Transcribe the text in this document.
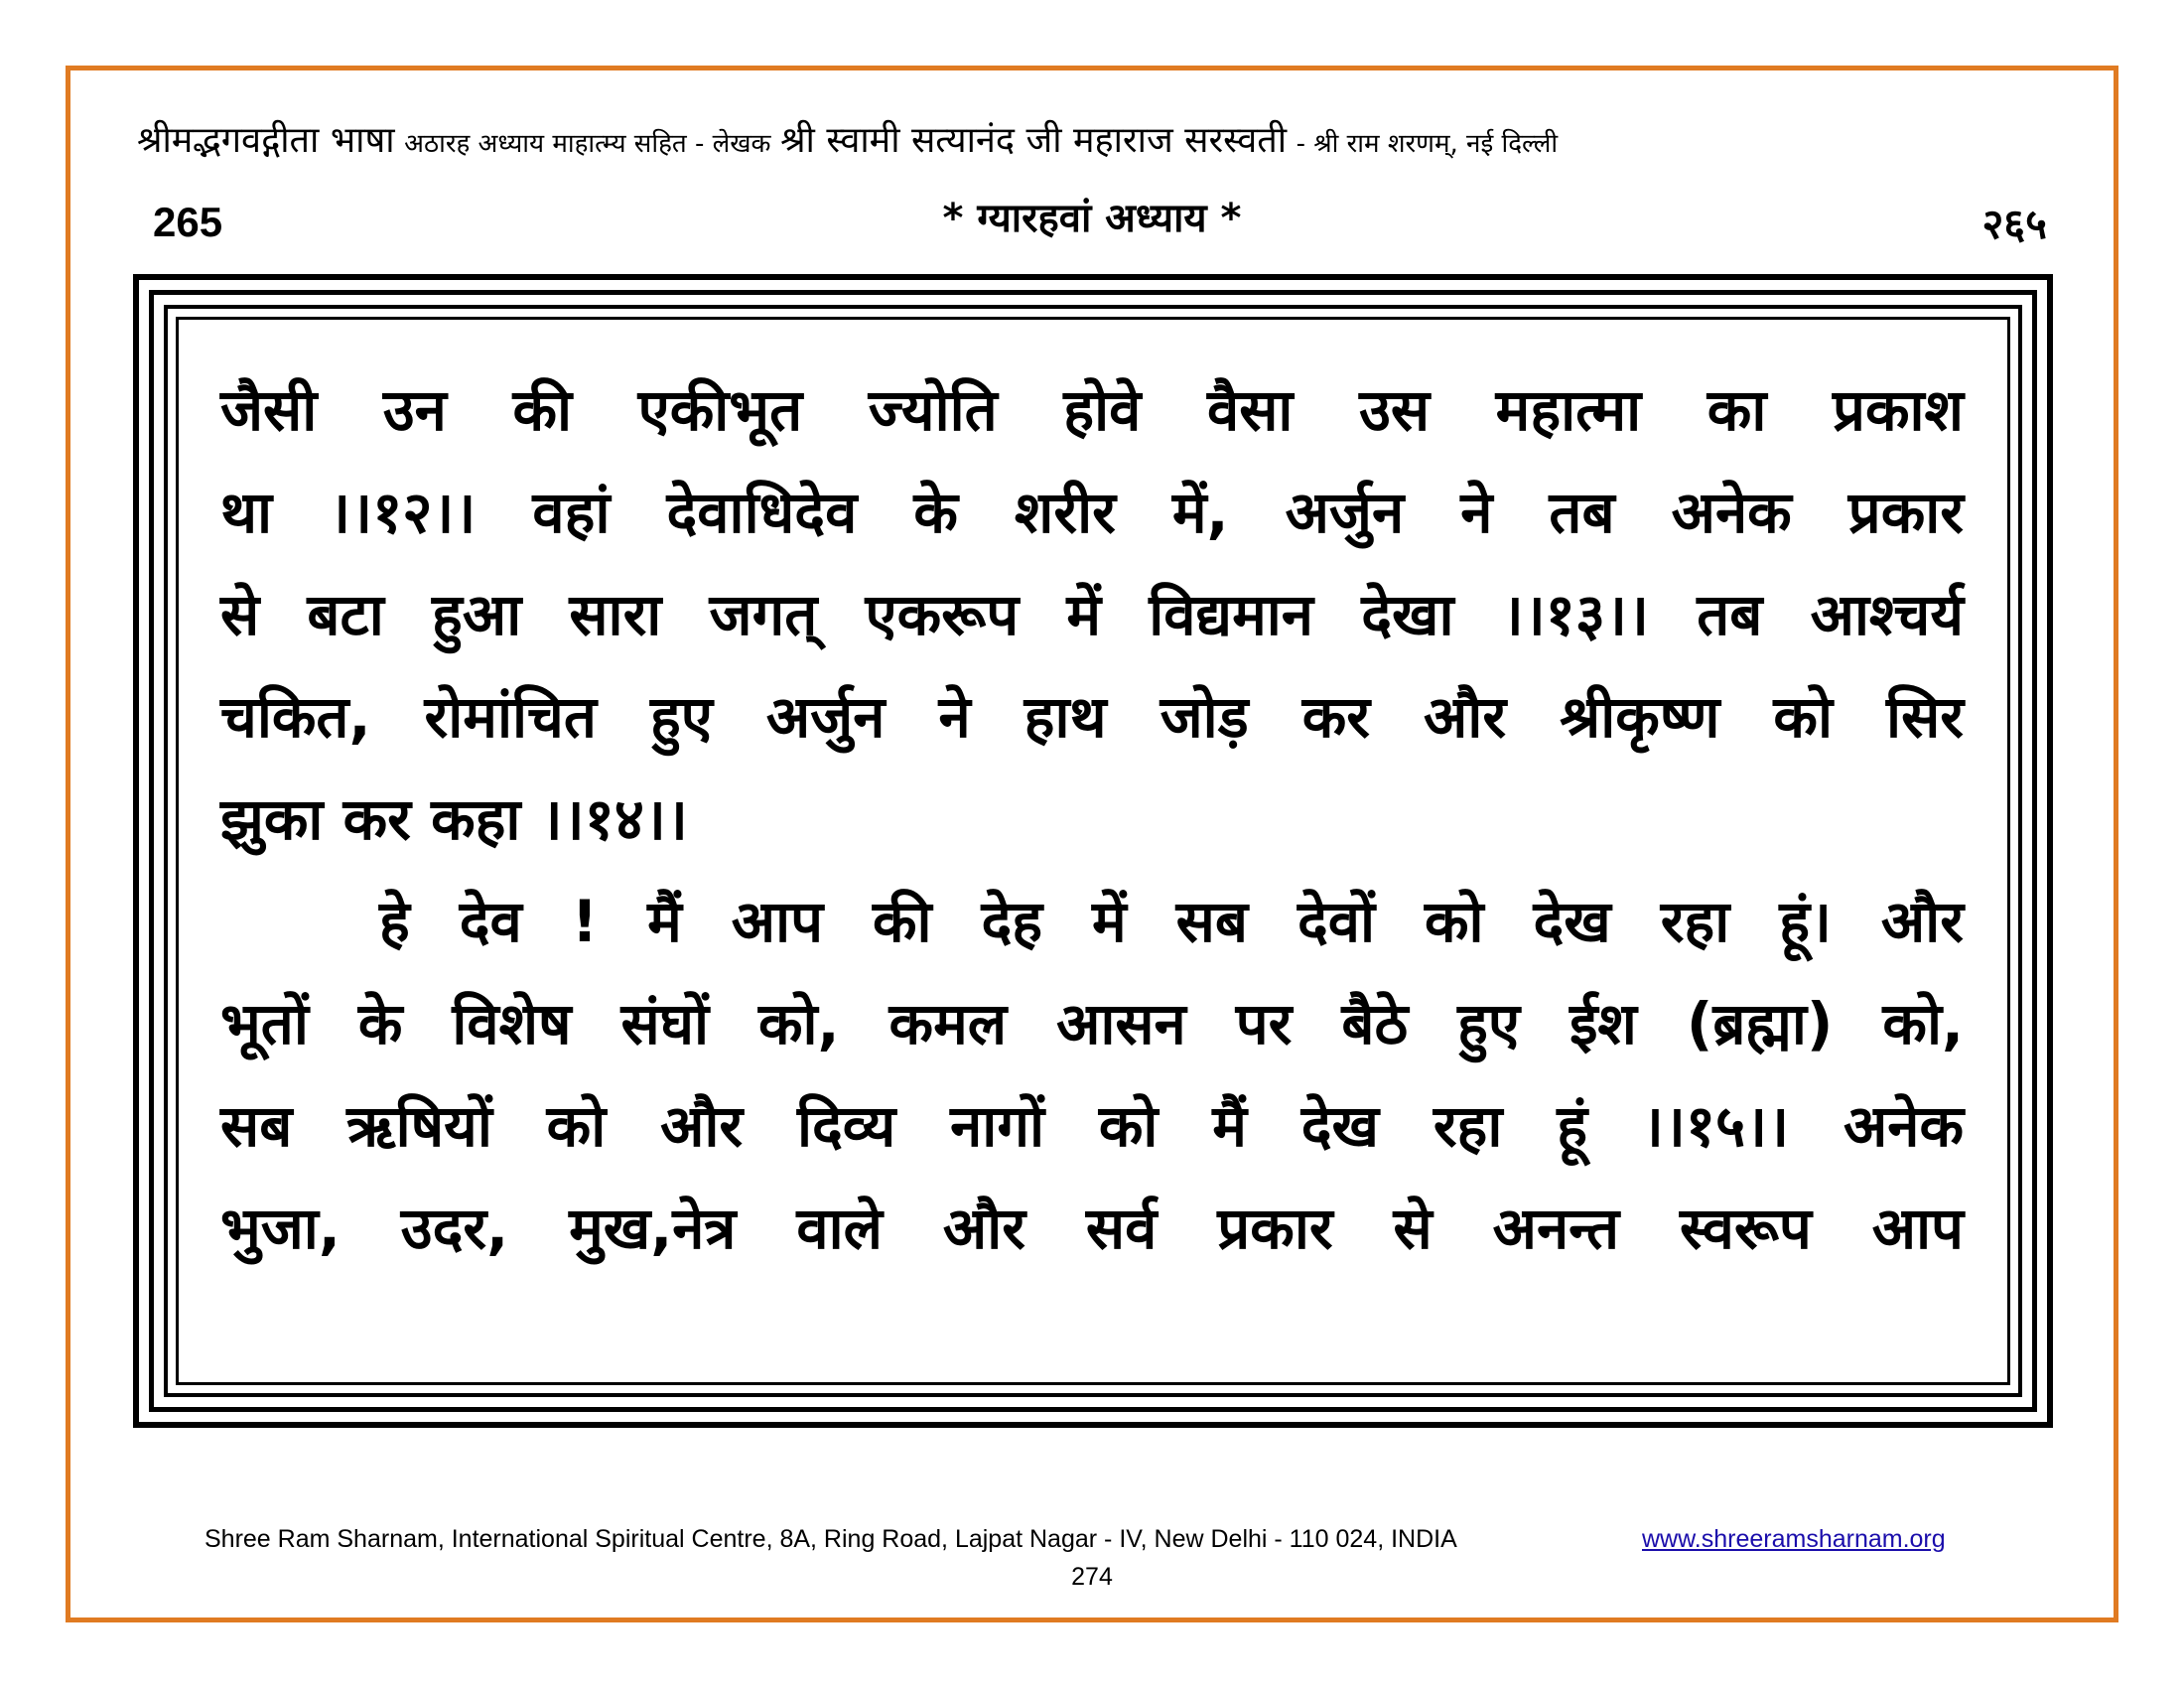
श्रीमद्भगवद्गीता भाषा अठारह अध्याय माहात्म्य सहित - लेखक श्री स्वामी सत्यानंद जी महाराज सरस्वती - श्री राम शरणम्, नई दिल्ली
265	* ग्यारहवां अध्याय *	२६५

जैसी उन की एकीभूत ज्योति होवे वैसा उस महात्मा का प्रकाश

था ।।१२।। वहां देवाधिदेव के शरीर में, अर्जुन ने तब अनेक प्रकार

से बटा हुआ सारा जगत् एकरूप में विद्यमान देखा ।।१३।। तब आश्चर्य

चकित, रोमांचित हुए अर्जुन ने हाथ जोड़ कर और श्रीकृष्ण को सिर

झुका कर कहा ।।१४।।

हे देव ! मैं आप की देह में सब देवों को देख रहा हूं। और

भूतों के विशेष संघों को, कमल आसन पर बैठे हुए ईश (ब्रह्मा) को,

सब ऋषियों को और दिव्य नागों को मैं देख रहा हूं ।।१५।। अनेक

भुजा, उदर, मुख,नेत्र वाले और सर्व प्रकार से अनन्त स्वरूप आप

Shree Ram Sharnam, International Spiritual Centre, 8A, Ring Road, Lajpat Nagar - IV, New Delhi - 110 024, INDIA	www.shreeramsharnam.org
274
